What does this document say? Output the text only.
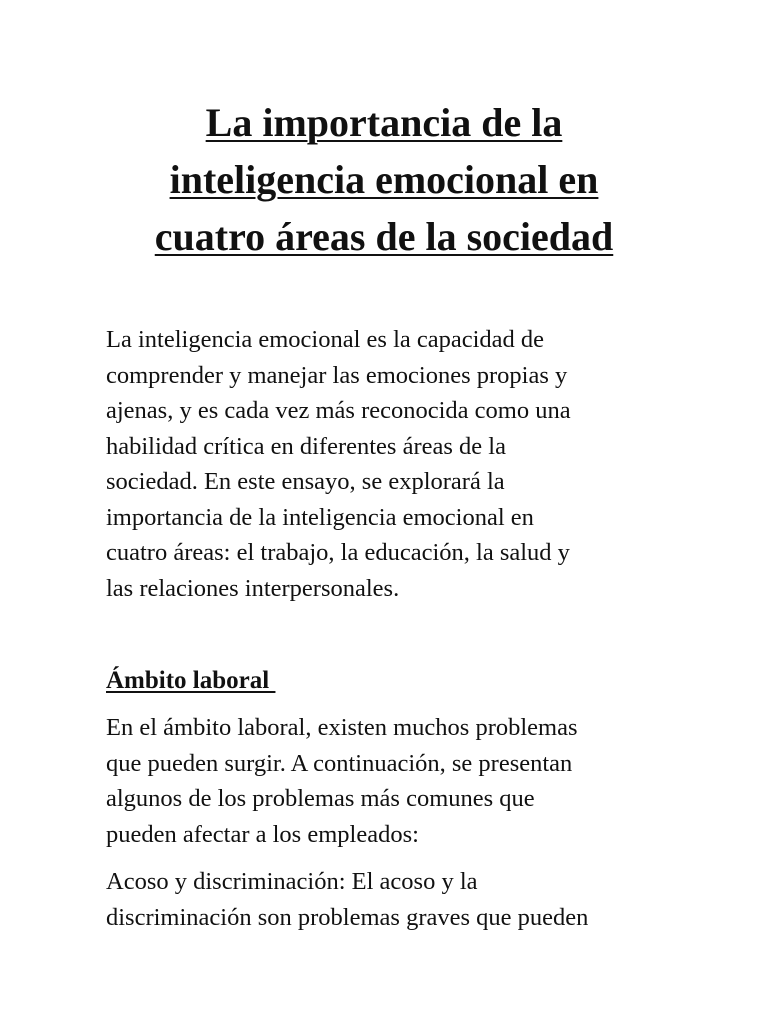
La importancia de la
inteligencia emocional en
cuatro áreas de la sociedad

La inteligencia emocional es la capacidad de
comprender y manejar las emociones propias y
ajenas, y es cada vez más reconocida como una
habilidad crítica en diferentes áreas de la
sociedad. En este ensayo, se explorará la
importancia de la inteligencia emocional en
cuatro áreas: el trabajo, la educación, la salud y
las relaciones interpersonales.

Ámbito laboral

En el ámbito laboral, existen muchos problemas
que pueden surgir. A continuación, se presentan
algunos de los problemas más comunes que
pueden afectar a los empleados:

Acoso y discriminación: El acoso y la
discriminación son problemas graves que pueden
